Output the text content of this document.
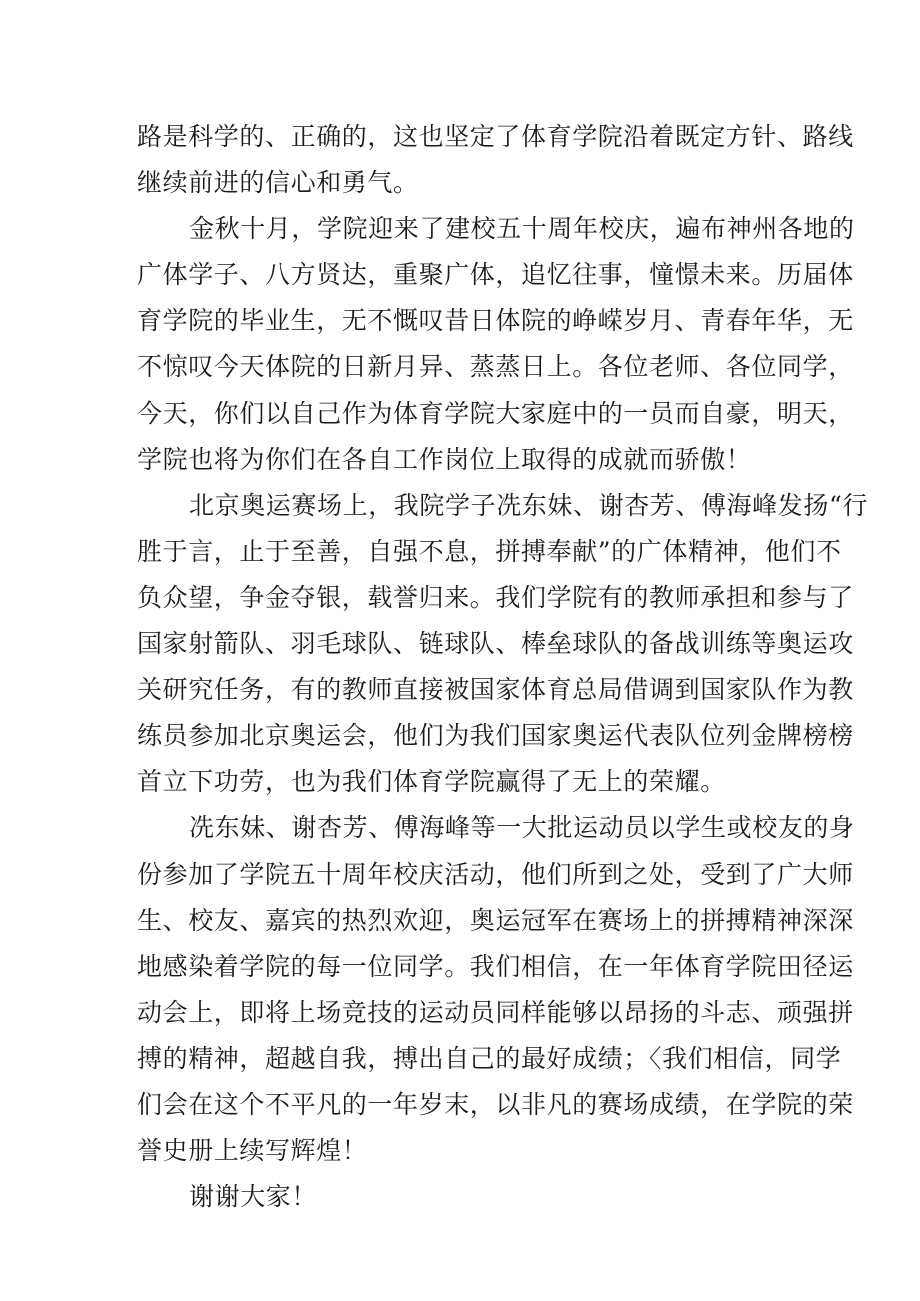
路是科学的、正确的，这也坚定了体育学院沿着既定方针、路线
继续前进的信心和勇气。
金秋十月，学院迎来了建校五十周年校庆，遍布神州各地的
广体学子、八方贤达，重聚广体，追忆往事，憧憬未来。历届体
育学院的毕业生，无不慨叹昔日体院的峥嵘岁月、青春年华，无
不惊叹今天体院的日新月异、蒸蒸日上。各位老师、各位同学，
今天，你们以自己作为体育学院大家庭中的一员而自豪，明天，
学院也将为你们在各自工作岗位上取得的成就而骄傲！
北京奥运赛场上，我院学子冼东妹、谢杏芳、傅海峰发扬“行
胜于言，止于至善，自强不息，拼搏奉献”的广体精神，他们不
负众望，争金夺银，载誉归来。我们学院有的教师承担和参与了
国家射箭队、羽毛球队、链球队、棒垒球队的备战训练等奥运攻
关研究任务，有的教师直接被国家体育总局借调到国家队作为教
练员参加北京奥运会，他们为我们国家奥运代表队位列金牌榜榜
首立下功劳，也为我们体育学院赢得了无上的荣耀。
冼东妹、谢杏芳、傅海峰等一大批运动员以学生或校友的身
份参加了学院五十周年校庆活动，他们所到之处，受到了广大师
生、校友、嘉宾的热烈欢迎，奥运冠军在赛场上的拼搏精神深深
地感染着学院的每一位同学。我们相信，在一年体育学院田径运
动会上，即将上场竞技的运动员同样能够以昂扬的斗志、顽强拼
搏的精神，超越自我，搏出自己的最好成绩；〈我们相信，同学
们会在这个不平凡的一年岁末，以非凡的赛场成绩，在学院的荣
誉史册上续写辉煌！
谢谢大家！
